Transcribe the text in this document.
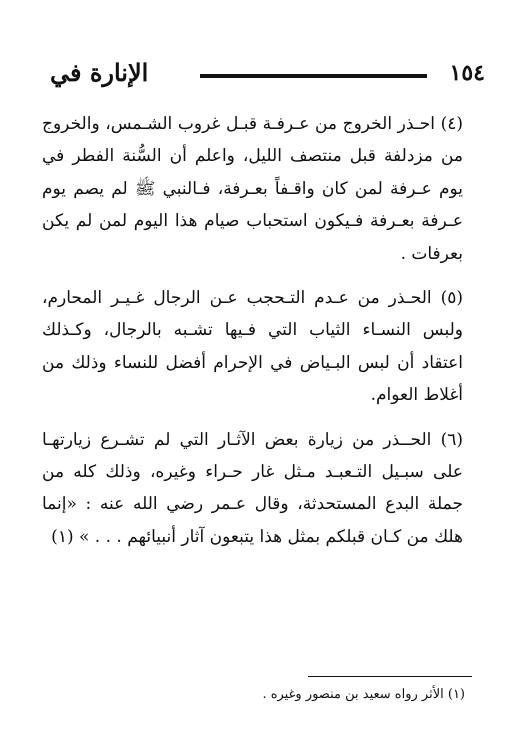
١٥٤
الإنارة في

(٤) احـذر الخروج من عـرفـة قبـل غروب الشـمس، والخروج من مزدلفة قبل منتصف الليل، واعلم أن السُّنة الفطر في يوم عـرفة لمن كان واقـفاً بعـرفة، فـالنبي ﷺ لم يصم يوم عـرفة بعـرفة فـيكون استحباب صيام هذا اليوم لمن لم يكن بعرفات .

(٥) الحـذر من عـدم التـحجب عـن الرجال غـيـر المحارم، ولبس النسـاء الثياب التي فـيها تشـبه بالرجال، وكـذلك اعتقاد أن لبس البـياض في الإحرام أفضل للنساء وذلك من أغلاط العوام.

(٦) الحــذر من زيارة بعض الآثـار التي لم تشـرع زيارتهـا على سبـيل التـعبـد مـثل غار حـراء وغيره، وذلك كله من جملة البدع المستحدثة، وقال عـمر رضي الله عنه : «إنما هلك من كـان قبلكم بمثل هذا يتبعون آثار أنبيائهم . . . » (١)

(١) الأثر رواه سعيد بن منصور وغيره .
